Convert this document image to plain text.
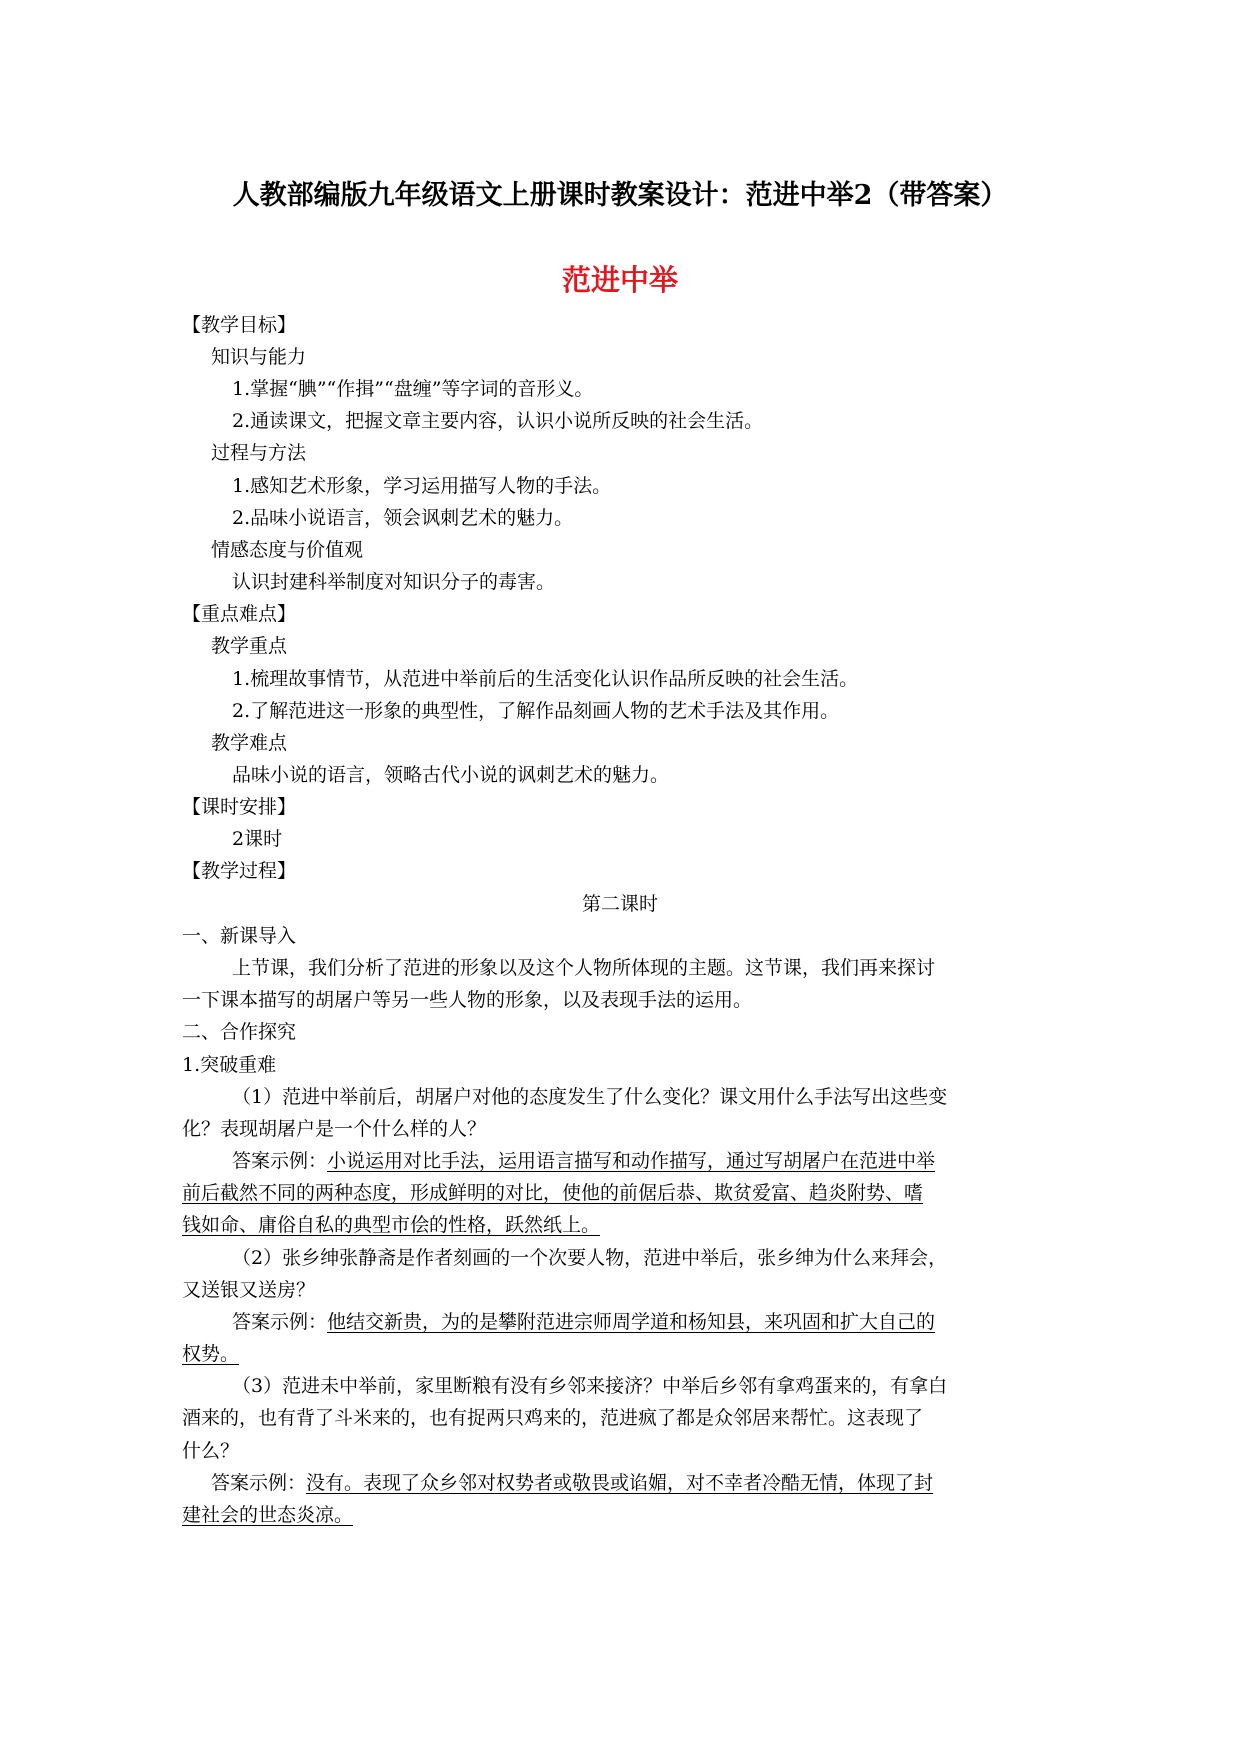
人教部编版九年级语文上册课时教案设计：范进中举2（带答案）
范进中举
【教学目标】
知识与能力
1.掌握“腆”“作揖”“盘缠”等字词的音形义。
2.通读课文，把握文章主要内容，认识小说所反映的社会生活。
过程与方法
1.感知艺术形象，学习运用描写人物的手法。
2.品味小说语言，领会讽刺艺术的魅力。
情感态度与价值观
认识封建科举制度对知识分子的毒害。
【重点难点】
教学重点
1.梳理故事情节，从范进中举前后的生活变化认识作品所反映的社会生活。
2.了解范进这一形象的典型性，了解作品刻画人物的艺术手法及其作用。
教学难点
品味小说的语言，领略古代小说的讽刺艺术的魅力。
【课时安排】
2课时
【教学过程】
第二课时
一、新课导入
上节课，我们分析了范进的形象以及这个人物所体现的主题。这节课，我们再来探讨
一下课本描写的胡屠户等另一些人物的形象，以及表现手法的运用。
二、合作探究
1.突破重难
（1）范进中举前后，胡屠户对他的态度发生了什么变化？课文用什么手法写出这些变
化？表现胡屠户是一个什么样的人？
答案示例：小说运用对比手法，运用语言描写和动作描写，通过写胡屠户在范进中举
前后截然不同的两种态度，形成鲜明的对比，使他的前倨后恭、欺贫爱富、趋炎附势、嗜
钱如命、庸俗自私的典型市侩的性格，跃然纸上。
（2）张乡绅张静斋是作者刻画的一个次要人物，范进中举后，张乡绅为什么来拜会，
又送银又送房？
答案示例：他结交新贵，为的是攀附范进宗师周学道和杨知县，来巩固和扩大自己的
权势。
（3）范进未中举前，家里断粮有没有乡邻来接济？中举后乡邻有拿鸡蛋来的，有拿白
酒来的，也有背了斗米来的，也有捉两只鸡来的，范进疯了都是众邻居来帮忙。这表现了
什么？
答案示例：没有。表现了众乡邻对权势者或敬畏或谄媚，对不幸者冷酷无情，体现了封
建社会的世态炎凉。
